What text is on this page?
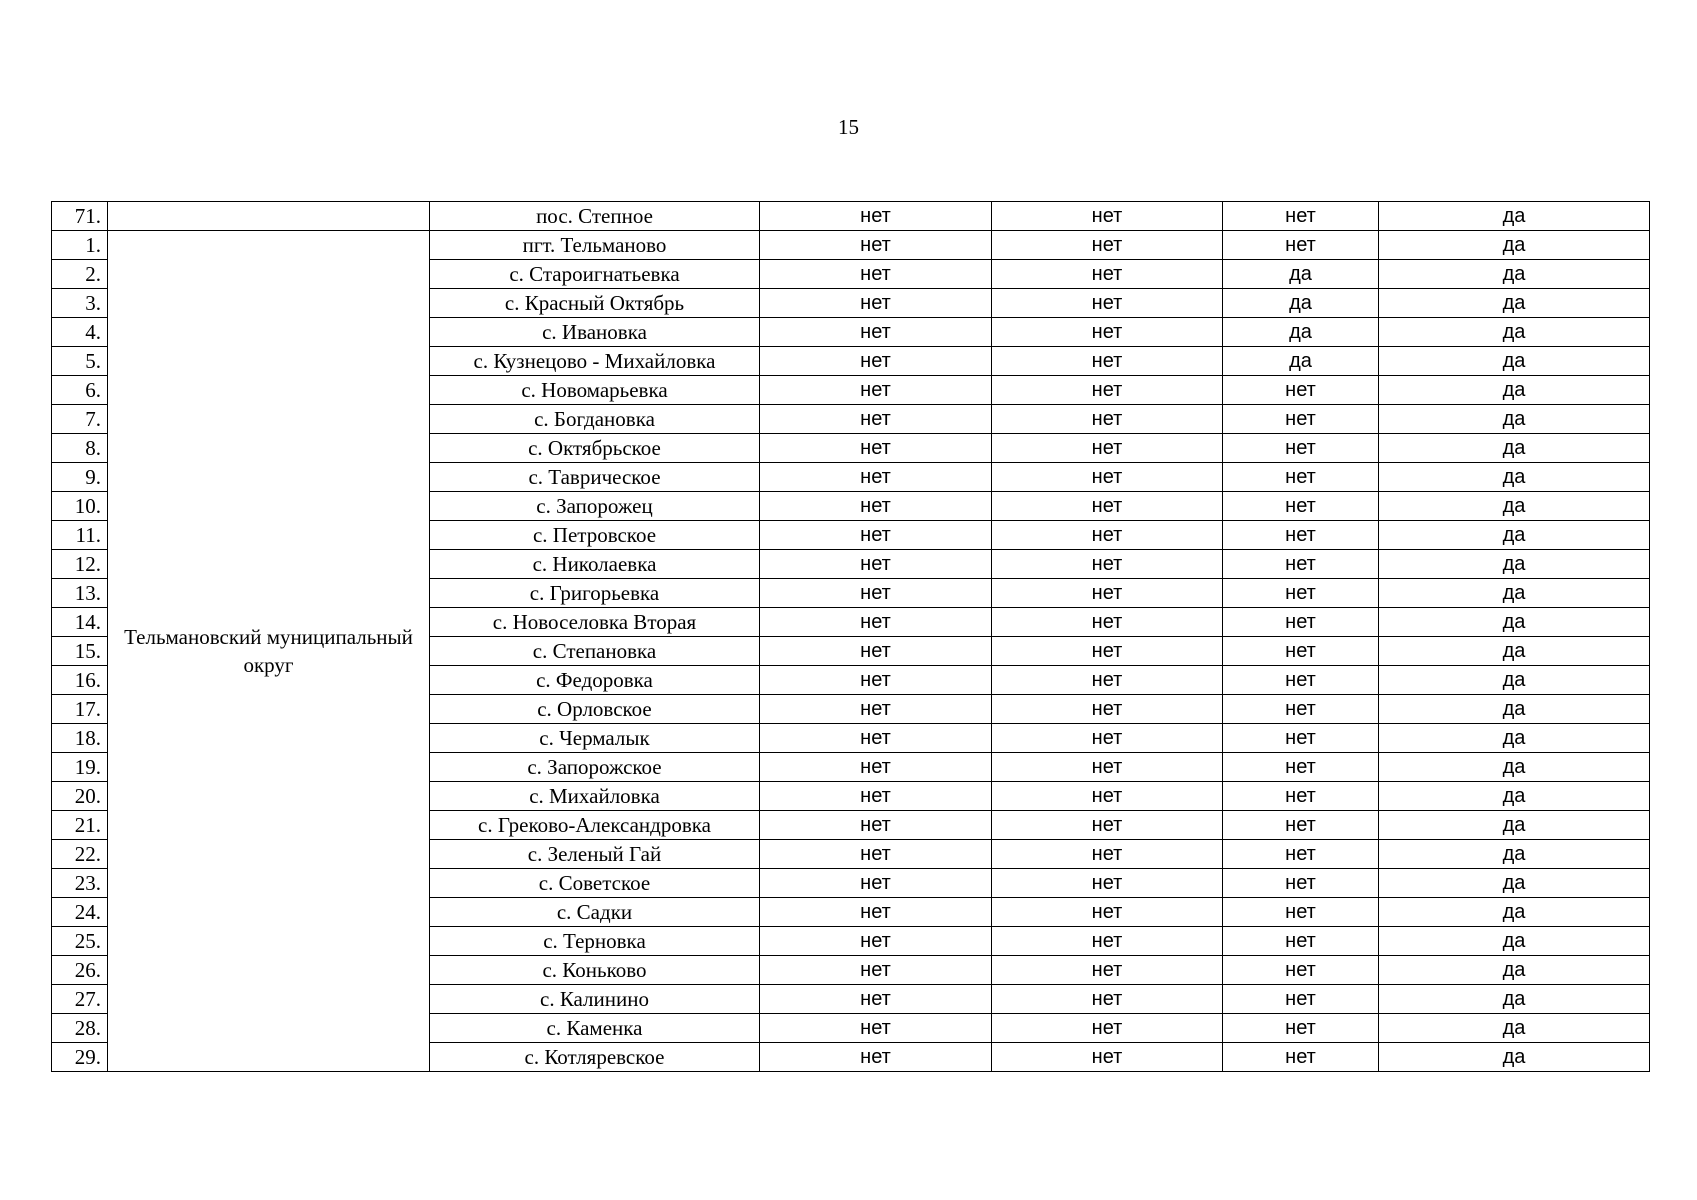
15
71.		пос. Степное	нет	нет	нет	да
1.	Тельмановский муниципальный округ	пгт. Тельманово	нет	нет	нет	да
2.		с. Староигнатьевка	нет	нет	да	да
3.		с. Красный Октябрь	нет	нет	да	да
4.		с. Ивановка	нет	нет	да	да
5.		с. Кузнецово - Михайловка	нет	нет	да	да
6.		с. Новомарьевка	нет	нет	нет	да
7.		с. Богдановка	нет	нет	нет	да
8.		с. Октябрьское	нет	нет	нет	да
9.		с. Таврическое	нет	нет	нет	да
10.		с. Запорожец	нет	нет	нет	да
11.		с. Петровское	нет	нет	нет	да
12.		с. Николаевка	нет	нет	нет	да
13.		с. Григорьевка	нет	нет	нет	да
14.		с. Новоселовка Вторая	нет	нет	нет	да
15.		с. Степановка	нет	нет	нет	да
16.		с. Федоровка	нет	нет	нет	да
17.		с. Орловское	нет	нет	нет	да
18.		с. Чермалык	нет	нет	нет	да
19.		с. Запорожское	нет	нет	нет	да
20.		с. Михайловка	нет	нет	нет	да
21.		с. Греково-Александровка	нет	нет	нет	да
22.		с. Зеленый Гай	нет	нет	нет	да
23.		с. Советское	нет	нет	нет	да
24.		с. Садки	нет	нет	нет	да
25.		с. Терновка	нет	нет	нет	да
26.		с. Коньково	нет	нет	нет	да
27.		с. Калинино	нет	нет	нет	да
28.		с. Каменка	нет	нет	нет	да
29.		с. Котляревское	нет	нет	нет	да
